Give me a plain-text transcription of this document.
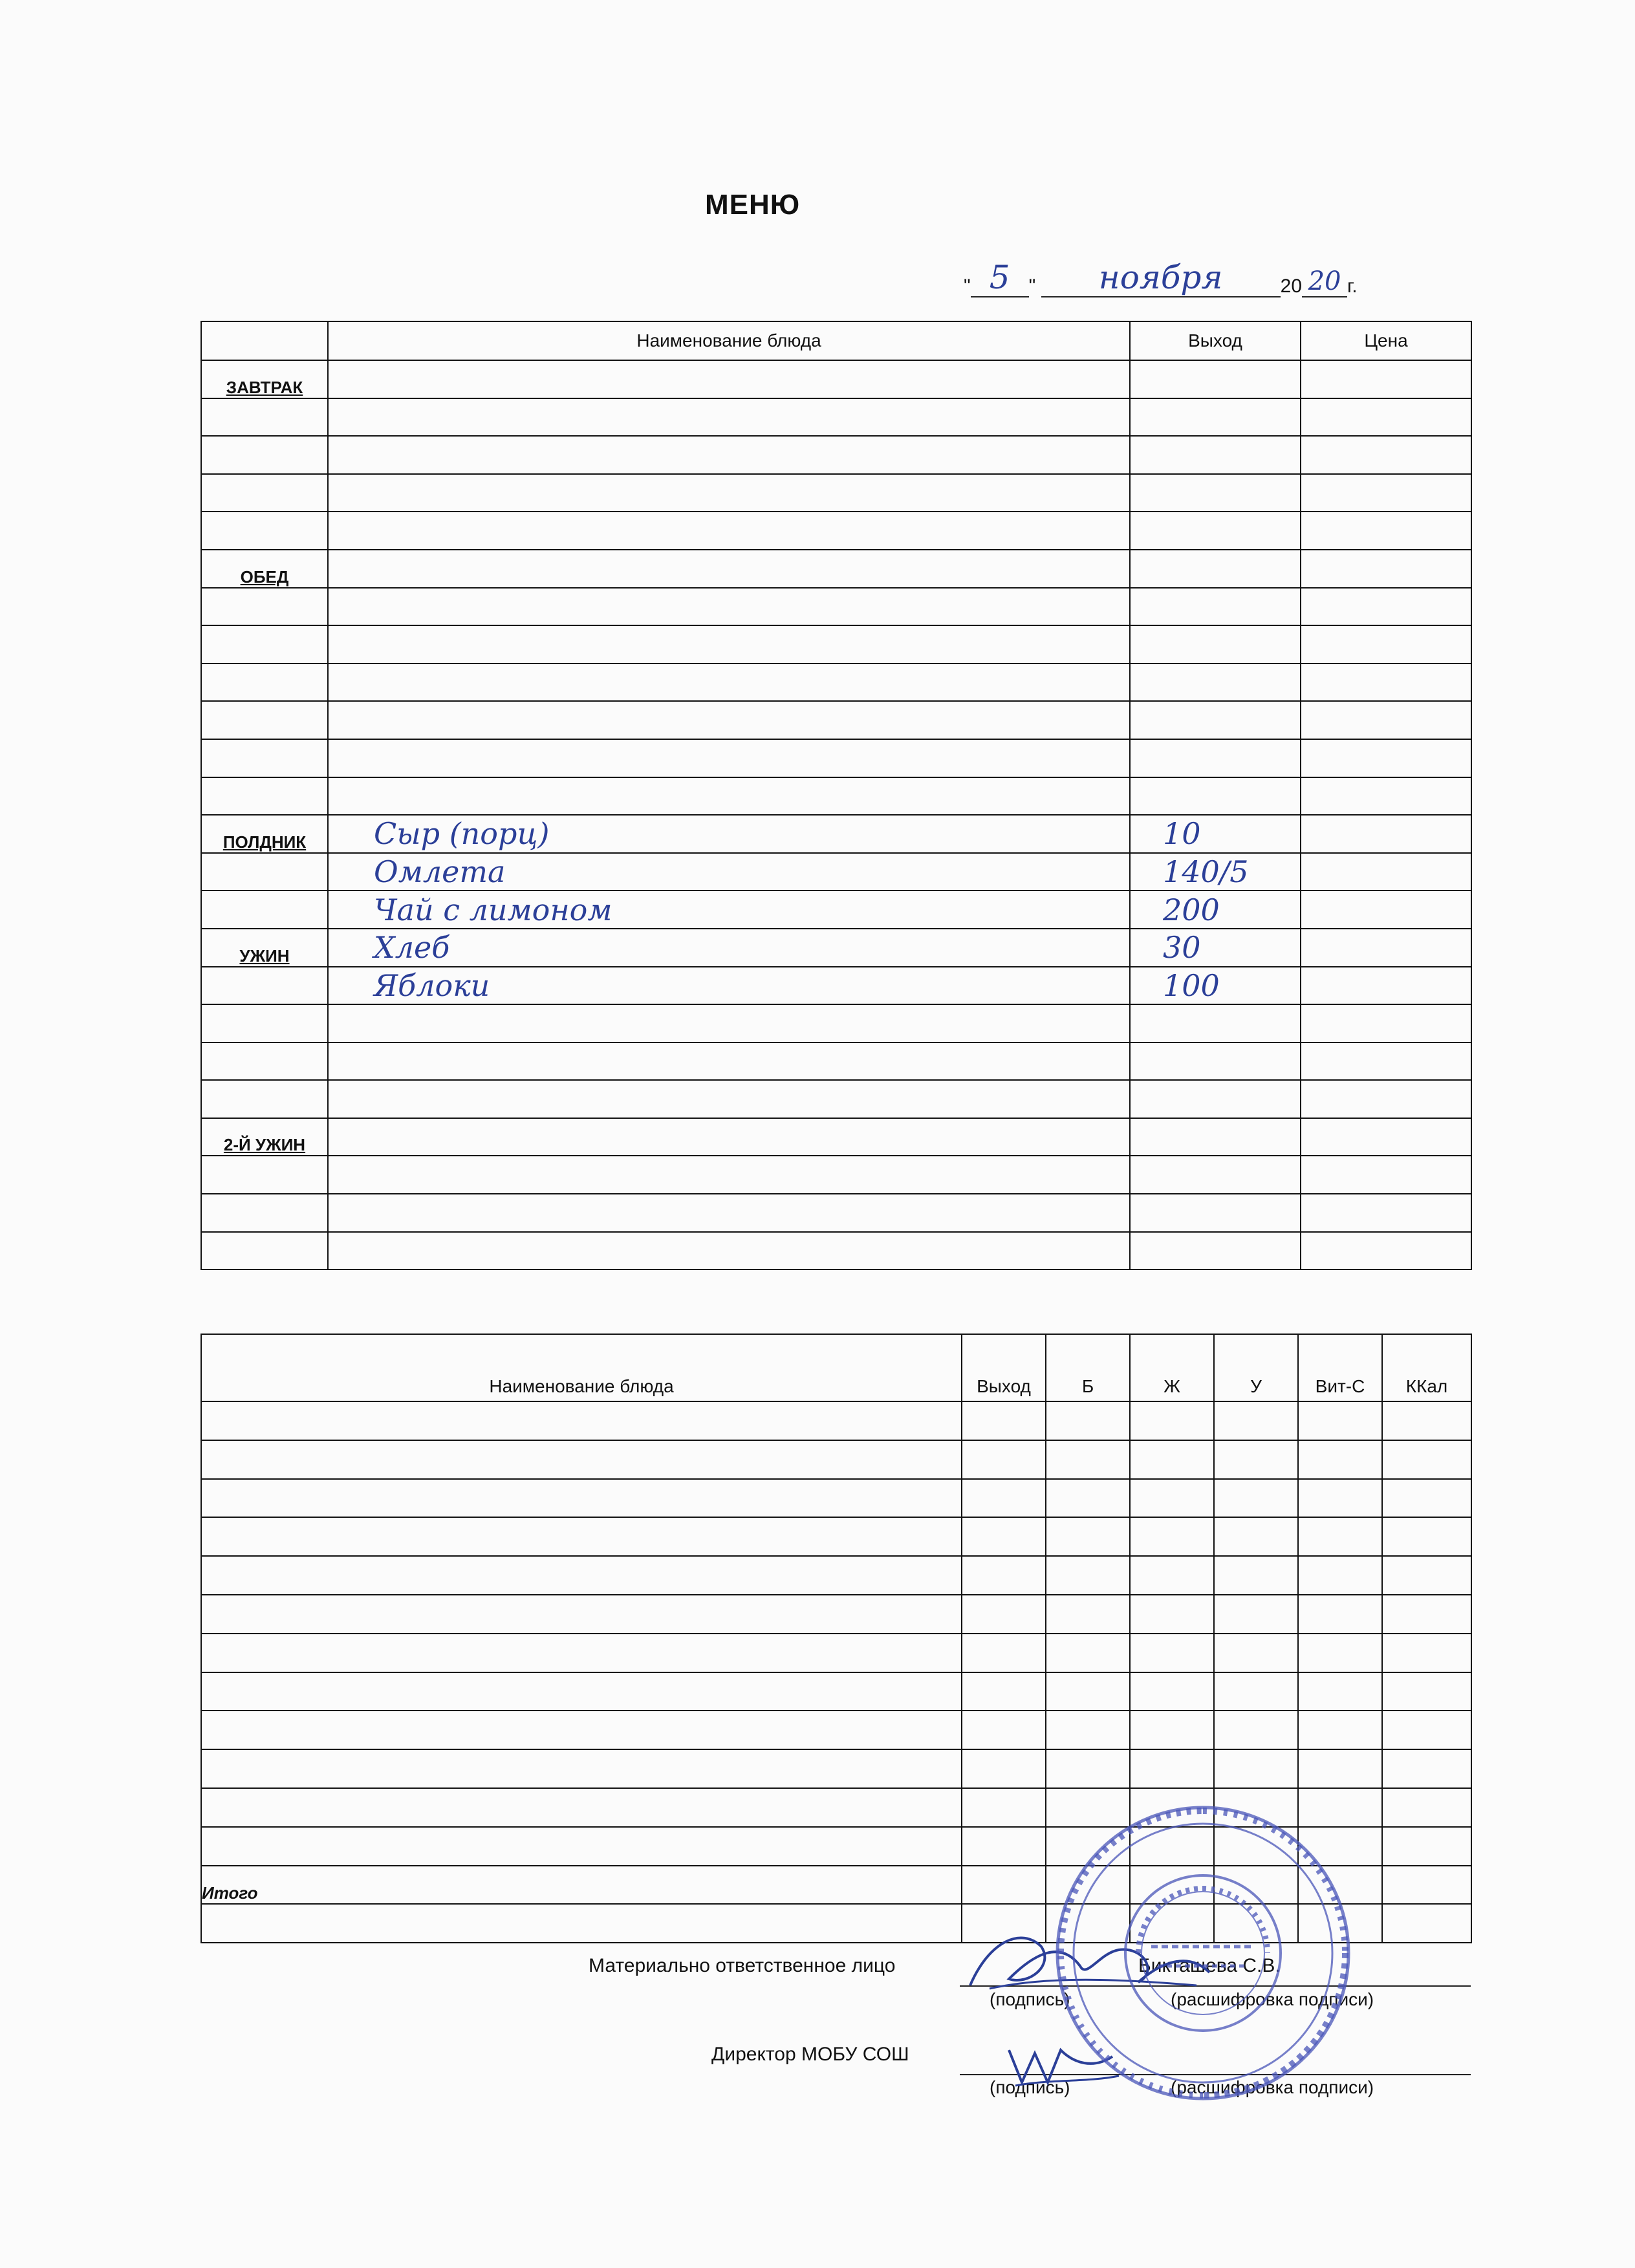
МЕНЮ
" 5 " ноября	20 20 г.
	Наименование блюда	Выход	Цена
ЗАВТРАК			

ОБЕД			

ПОЛДНИК	Сыр (порц)	10	
	Омлета	140/5	
	Чай с лимоном	200	
УЖИН	Хлеб	30	
	Яблоки	100	

2-Й УЖИН			

Наименование блюда	Выход	Б	Ж	У	Вит-С	ККал

Итого						

Материально ответственное лицо	Бикташева С.В.
(подпись)	(расшифровка подписи)
Директор МОБУ СОШ
(подпись)	(расшифровка подписи)
